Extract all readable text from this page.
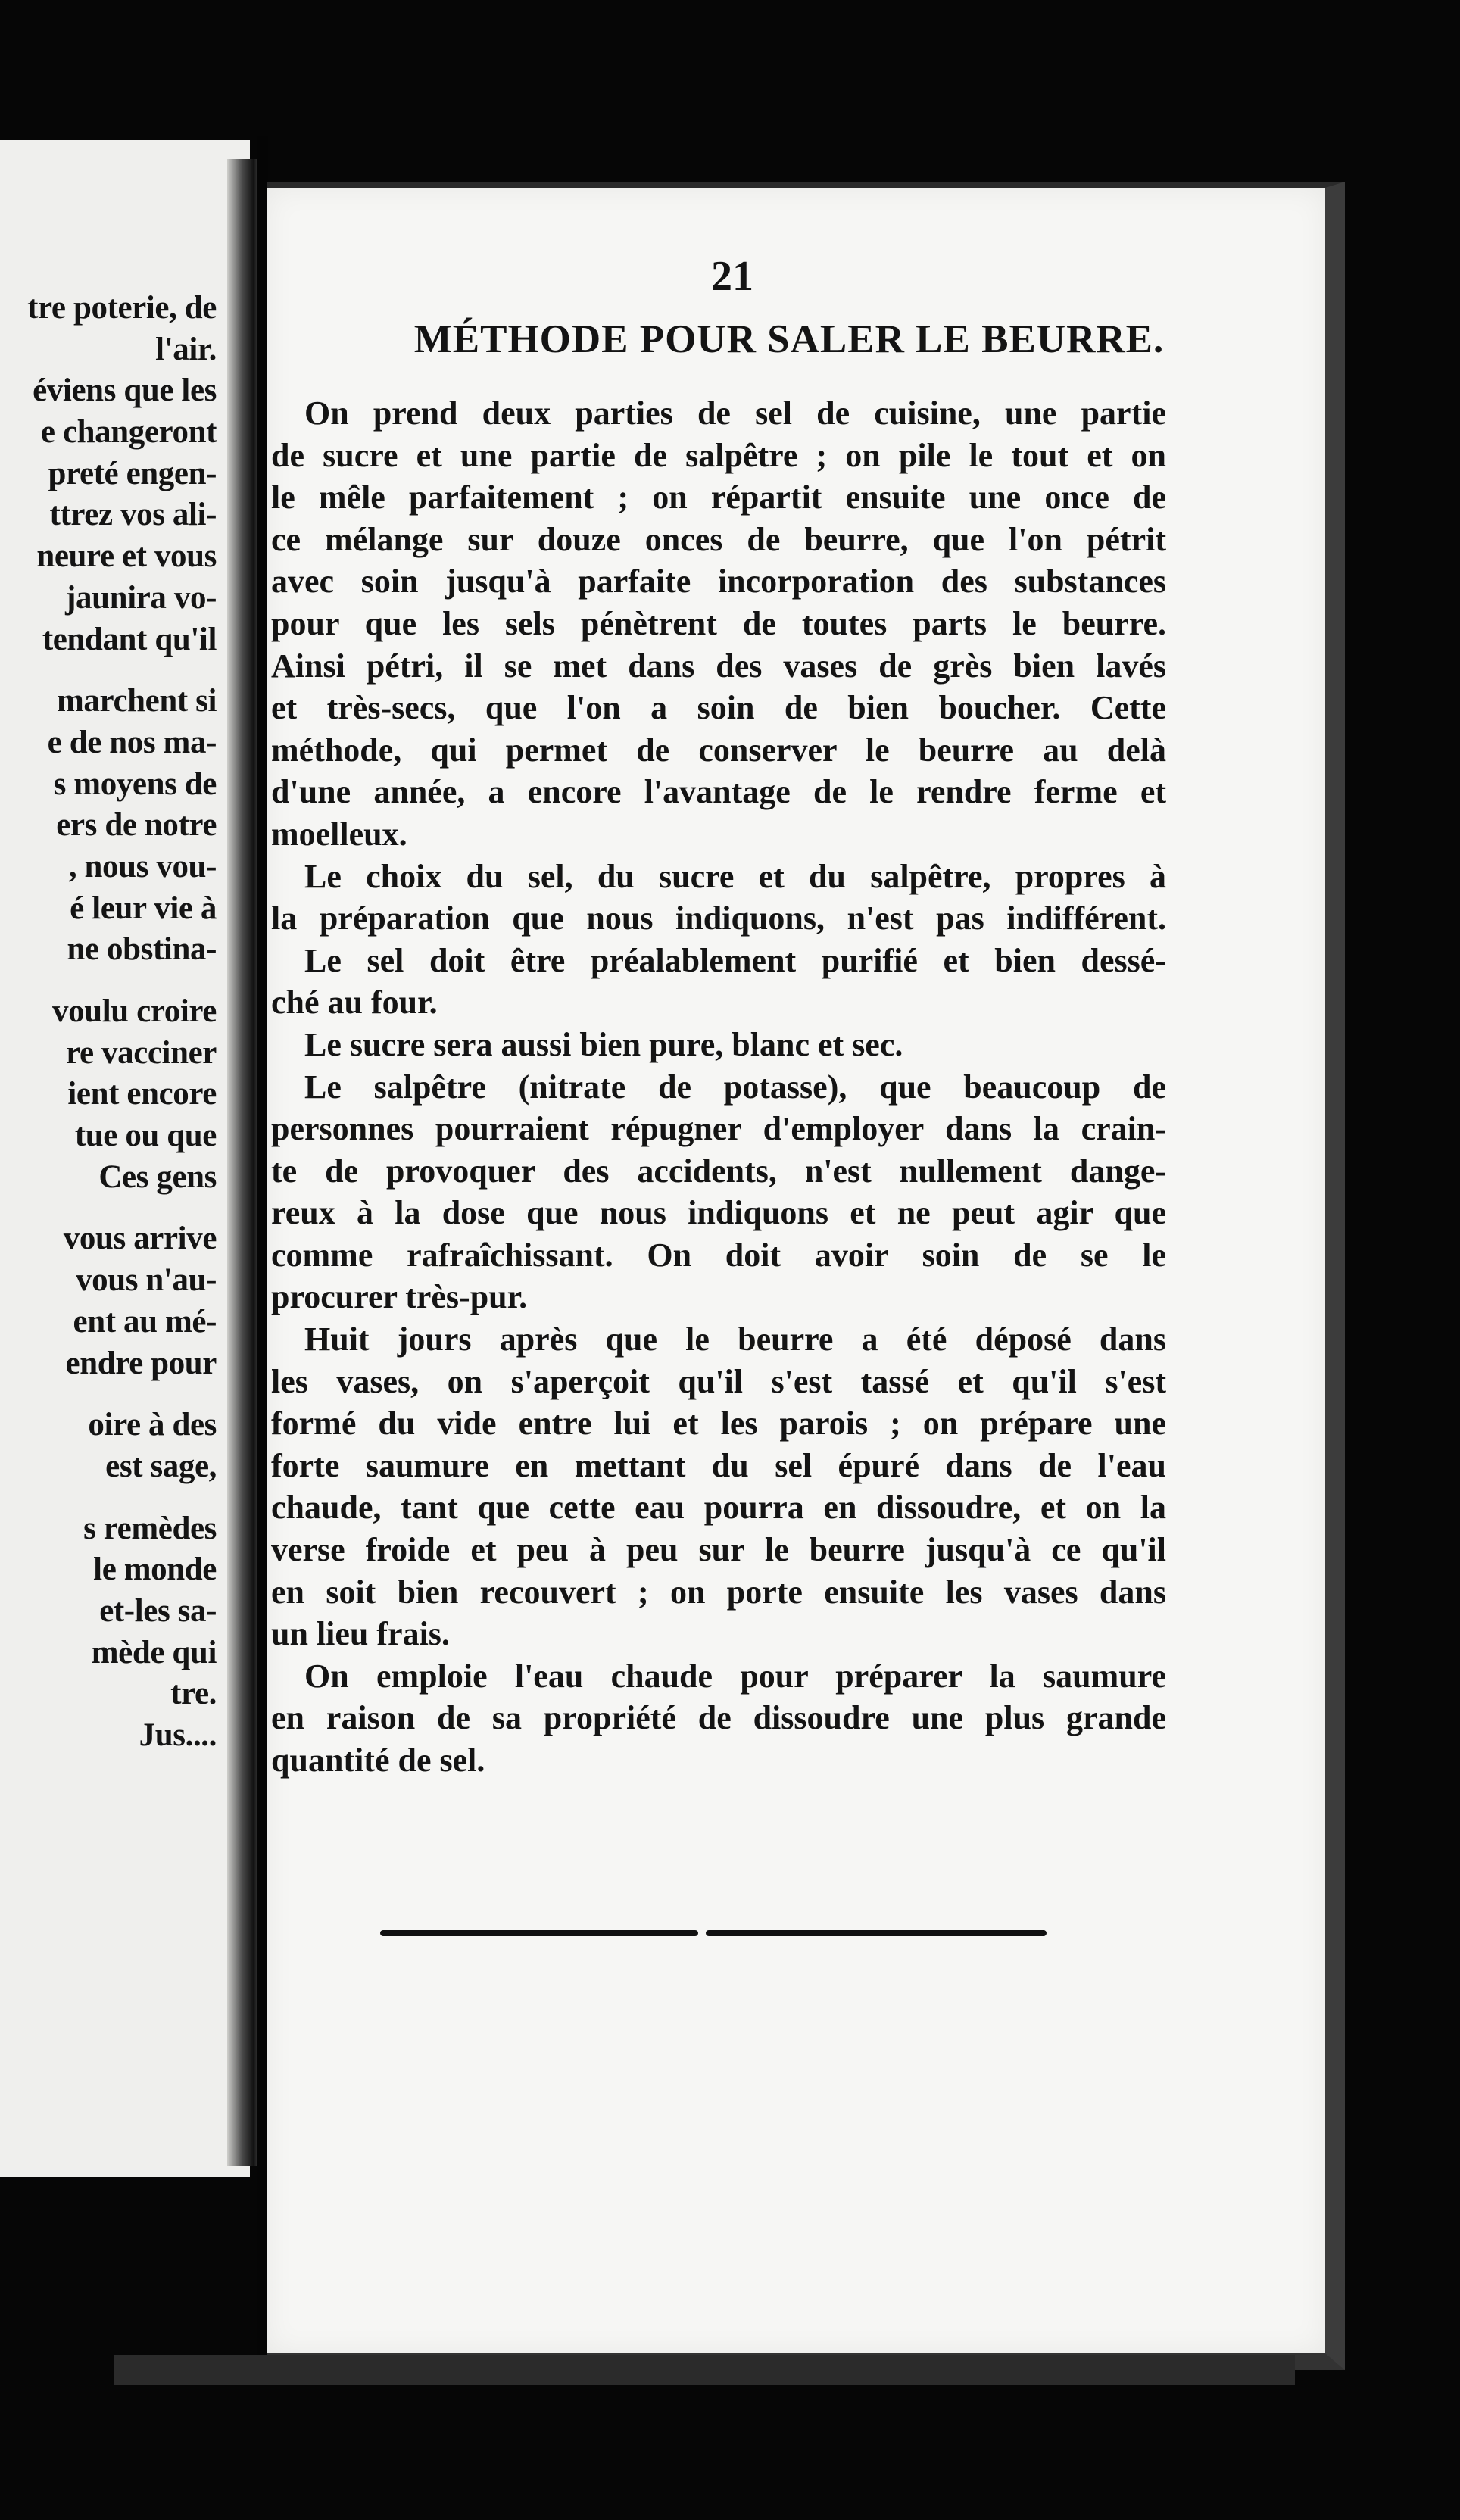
tre poterie, de
l'air.
éviens que les
e changeront
preté engen-
ttrez vos ali-
neure et vous
jaunira vo-
tendant qu'il
marchent si
e de nos ma-
s moyens de
ers de notre
, nous vou-
é leur vie à
ne obstina-
voulu croire
re vacciner
ient encore
tue ou que
Ces gens
vous arrive
vous n'au-
ent au mé-
endre pour
oire à des
est sage,
s remèdes
le monde
et-les sa-
mède qui
tre.
Jus....
21
MÉTHODE POUR SALER LE BEURRE.
On prend deux parties de sel de cuisine, une partie
de sucre et une partie de salpêtre ; on pile le tout et on
le mêle parfaitement ; on répartit ensuite une once de
ce mélange sur douze onces de beurre, que l'on pétrit
avec soin jusqu'à parfaite incorporation des substances
pour que les sels pénètrent de toutes parts le beurre.
Ainsi pétri, il se met dans des vases de grès bien lavés
et très-secs, que l'on a soin de bien boucher. Cette
méthode, qui permet de conserver le beurre au delà
d'une année, a encore l'avantage de le rendre ferme et
moelleux.
Le choix du sel, du sucre et du salpêtre, propres à
la préparation que nous indiquons, n'est pas indifférent.
Le sel doit être préalablement purifié et bien dessé-
ché au four.
Le sucre sera aussi bien pure, blanc et sec.
Le salpêtre (nitrate de potasse), que beaucoup de
personnes pourraient répugner d'employer dans la crain-
te de provoquer des accidents, n'est nullement dange-
reux à la dose que nous indiquons et ne peut agir que
comme rafraîchissant. On doit avoir soin de se le
procurer très-pur.
Huit jours après que le beurre a été déposé dans
les vases, on s'aperçoit qu'il s'est tassé et qu'il s'est
formé du vide entre lui et les parois ; on prépare une
forte saumure en mettant du sel épuré dans de l'eau
chaude, tant que cette eau pourra en dissoudre, et on la
verse froide et peu à peu sur le beurre jusqu'à ce qu'il
en soit bien recouvert ; on porte ensuite les vases dans
un lieu frais.
On emploie l'eau chaude pour préparer la saumure
en raison de sa propriété de dissoudre une plus grande
quantité de sel.
